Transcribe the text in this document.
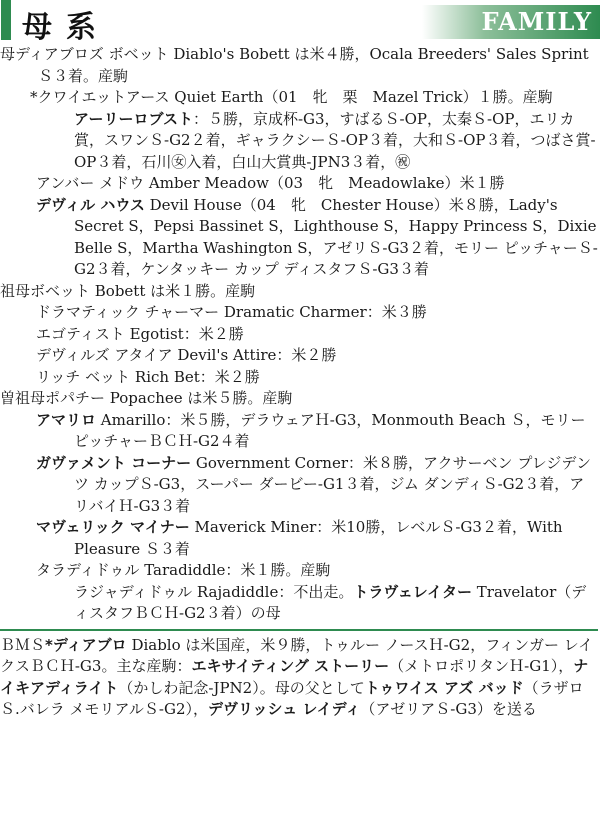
母系	FAMILY

母ディアブロズ ボベット Diablo's Bobett は米４勝，Ocala Breeders' Sales Sprint Ｓ３着。産駒

*クワイエットアース Quiet Earth（01　牝　栗　Mazel Trick）１勝。産駒

アーリーロブスト：５勝，京成杯-G3，すばるＳ-OP，太秦Ｓ-OP，エリカ賞，スワンＳ-G2２着，ギャラクシーＳ-OP３着，大和Ｓ-OP３着，つばさ賞-OP３着，石川㊛入着，白山大賞典-JPN3３着，㊗

アンバー メドウ Amber Meadow（03　牝　Meadowlake）米１勝

デヴィル ハウス Devil House（04　牝　Chester House）米８勝，Lady's Secret S，Pepsi Bassinet S，Lighthouse S，Happy Princess S，Dixie Belle S，Martha Washington S，アゼリＳ-G3２着，モリー ピッチャーＳ-G2３着，ケンタッキー カップ ディスタフＳ-G3３着

祖母ボベット Bobett は米１勝。産駒

ドラマティック チャーマー Dramatic Charmer：米３勝

エゴティスト Egotist：米２勝

デヴィルズ アタイア Devil's Attire：米２勝

リッチ ベット Rich Bet：米２勝

曽祖母ポパチー Popachee は米５勝。産駒

アマリロ Amarillo：米５勝，デラウェアＨ-G3，Monmouth Beach Ｓ，モリー ピッチャーＢＣＨ-G2４着

ガヴァメント コーナー Government Corner：米８勝，アクサーベン プレジデンツ カップＳ-G3，スーパー ダービー-G1３着，ジム ダンディＳ-G2３着，アリバイＨ-G3３着

マヴェリック マイナー Maverick Miner：米10勝，レベルＳ-G3２着，With Pleasure Ｓ３着

タラディドゥル Taradiddle：米１勝。産駒

ラジャディドゥル Rajadiddle：不出走。トラヴェレイター Travelator（ディスタフＢＣＨ-G2３着）の母

ＢＭＳ*ディアブロ Diablo は米国産，米９勝，トゥルー ノースＨ-G2，フィンガー レイクスＢＣＨ-G3。主な産駒：エキサイティング ストーリー（メトロポリタンＨ-G1），ナイキアディライト（かしわ記念-JPN2）。母の父としてトゥワイス アズ バッド（ラザロＳ.バレラ メモリアルＳ-G2），デヴリッシュ レイディ（アゼリアＳ-G3）を送る
